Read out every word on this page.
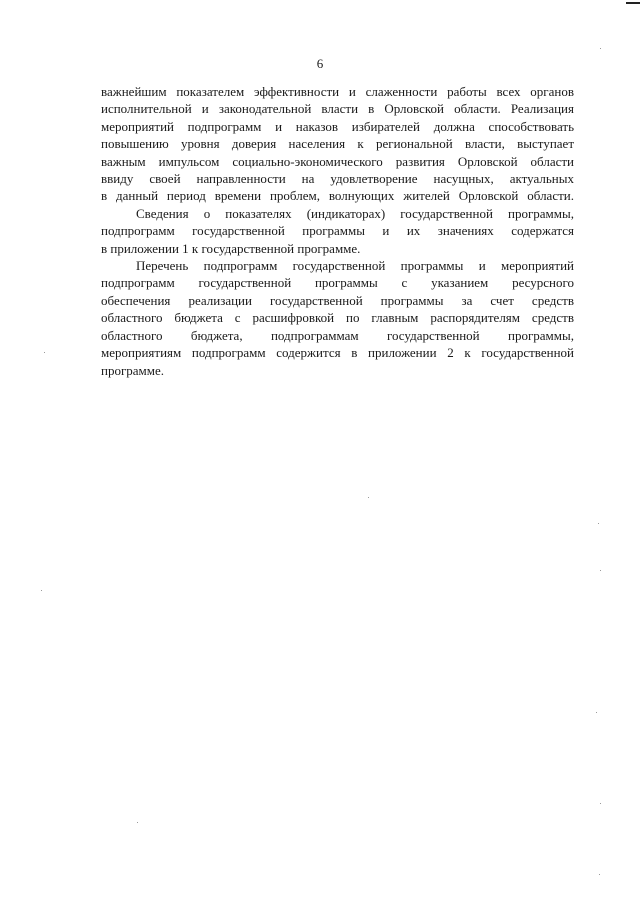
6

важнейшим показателем эффективности и слаженности работы всех органов
исполнительной и законодательной власти в Орловской области. Реализация
мероприятий подпрограмм и наказов избирателей должна способствовать
повышению уровня доверия населения к региональной власти, выступает
важным импульсом социально-экономического развития Орловской области
ввиду своей направленности на удовлетворение насущных, актуальных
в данный период времени проблем, волнующих жителей Орловской области.

Сведения о показателях (индикаторах) государственной программы,
подпрограмм государственной программы и их значениях содержатся
в приложении 1 к государственной программе.

Перечень подпрограмм государственной программы и мероприятий
подпрограмм государственной программы с указанием ресурсного
обеспечения реализации государственной программы за счет средств
областного бюджета с расшифровкой по главным распорядителям средств
областного бюджета, подпрограммам государственной программы,
мероприятиям подпрограмм содержится в приложении 2 к государственной
программе.
